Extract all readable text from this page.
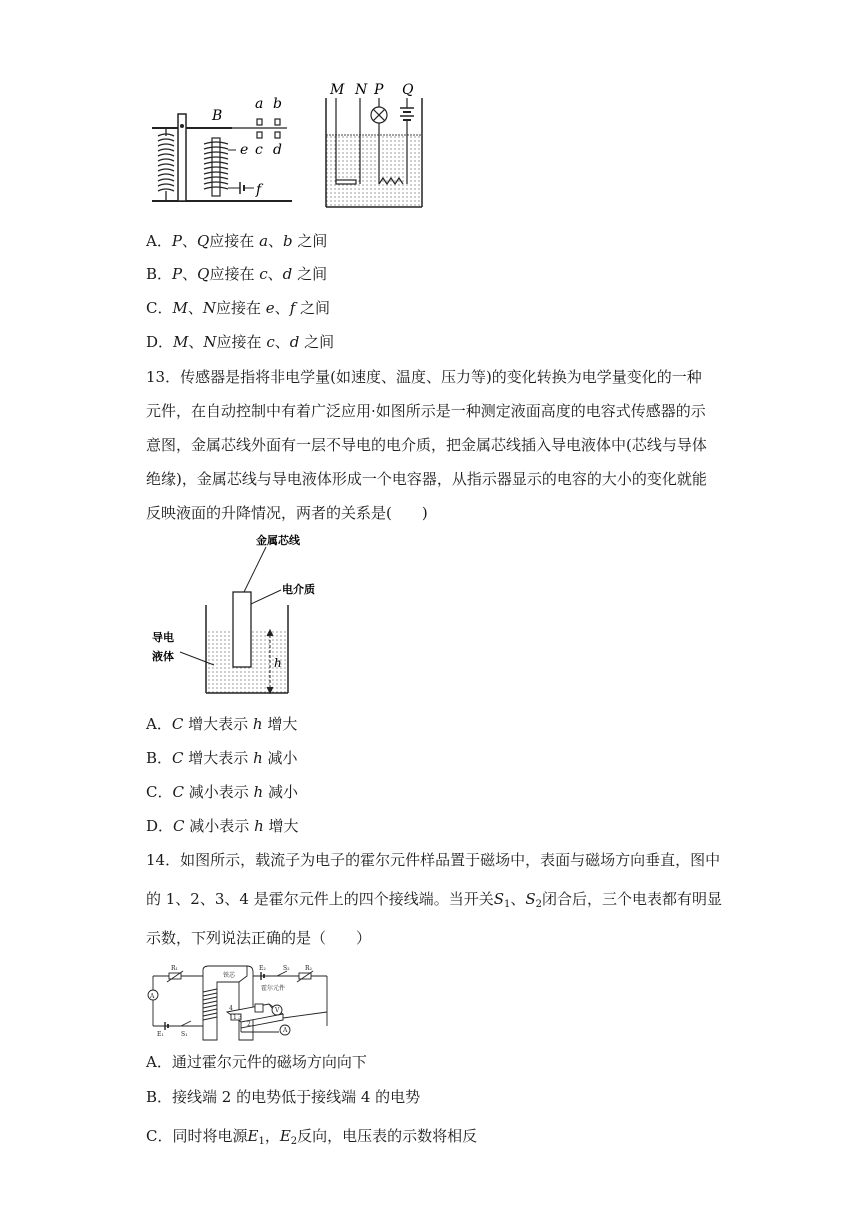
B
a b
c d
e
f
M N P Q
A．P、Q应接在 a、b 之间
B．P、Q应接在 c、d 之间
C．M、N应接在 e、f 之间
D．M、N应接在 c、d 之间
13．传感器是指将非电学量(如速度、温度、压力等)的变化转换为电学量变化的一种
元件，在自动控制中有着广泛应用·如图所示是一种测定液面高度的电容式传感器的示
意图，金属芯线外面有一层不导电的电介质，把金属芯线插入导电液体中(芯线与导体
绝缘)，金属芯线与导电液体形成一个电容器，从指示器显示的电容的大小的变化就能
反映液面的升降情况，两者的关系是(　　)
金属芯线
电介质
导电
液体	h
A．C 增大表示 h 增大
B．C 增大表示 h 减小
C．C 减小表示 h 减小
D．C 减小表示 h 增大
14．如图所示，载流子为电子的霍尔元件样品置于磁场中，表面与磁场方向垂直，图中
的 1、2、3、4 是霍尔元件上的四个接线端。当开关$S_1$、$S_2$闭合后，三个电表都有明显
示数，下列说法正确的是（　　）
R₁
A
E₁	S₁
铁芯
E₂	S₂	R₂
霍尔元件
4
1 3
2
V
A
A．通过霍尔元件的磁场方向向下
B．接线端 2 的电势低于接线端 4 的电势
C．同时将电源$E_1$，$E_2$反向，电压表的示数将相反
